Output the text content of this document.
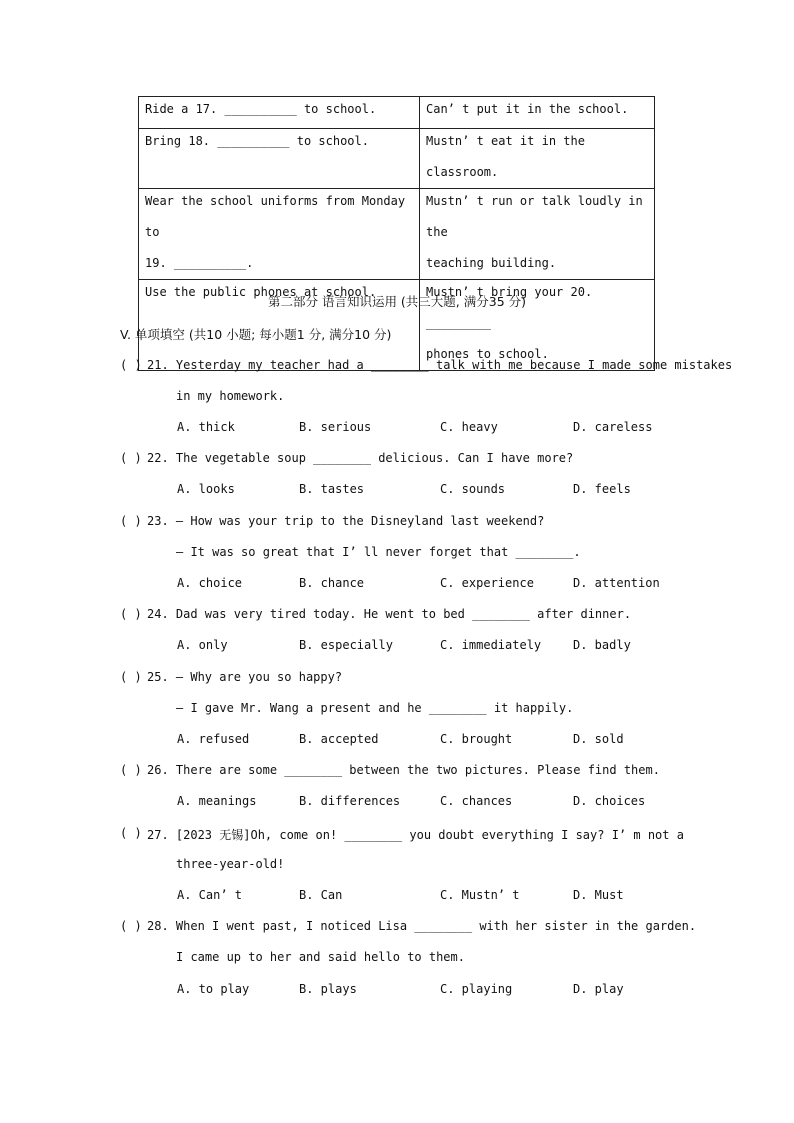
Ride a 17. __________ to school.	Can’ t put it in the school.

Bring 18. __________ to school.	Mustn’ t eat it in the classroom.

Wear the school uniforms from Monday to
19. __________.	Mustn’ t run or talk loudly in the
teaching building.

Use the public phones at school.	Mustn’ t bring your 20. _________
phones to school.
第二部分 语言知识运用 (共三大题, 满分35 分)
V. 单项填空 (共10 小题; 每小题1 分, 满分10 分)
( ) 21. Yesterday my teacher had a ________ talk with me because I made some mistakes
in my homework.
A. thick	B. serious	C. heavy	D. careless
( ) 22. The vegetable soup ________ delicious. Can I have more?
A. looks	B. tastes	C. sounds	D. feels
( ) 23. — How was your trip to the Disneyland last weekend?
— It was so great that I’ ll never forget that ________.
A. choice	B. chance	C. experience	D. attention
( ) 24. Dad was very tired today. He went to bed ________ after dinner.
A. only	B. especially	C. immediately	D. badly
( ) 25. — Why are you so happy?
— I gave Mr. Wang a present and he ________ it happily.
A. refused	B. accepted	C. brought	D. sold
( ) 26. There are some ________ between the two pictures. Please find them.
A. meanings	B. differences	C. chances	D. choices
( ) 27. [2023 无锡]Oh, come on! ________ you doubt everything I say? I’ m not a
three-year-old!
A. Can’ t	B. Can	C. Mustn’ t	D. Must
( ) 28. When I went past, I noticed Lisa ________ with her sister in the garden.
I came up to her and said hello to them.
A. to play	B. plays	C. playing	D. play
